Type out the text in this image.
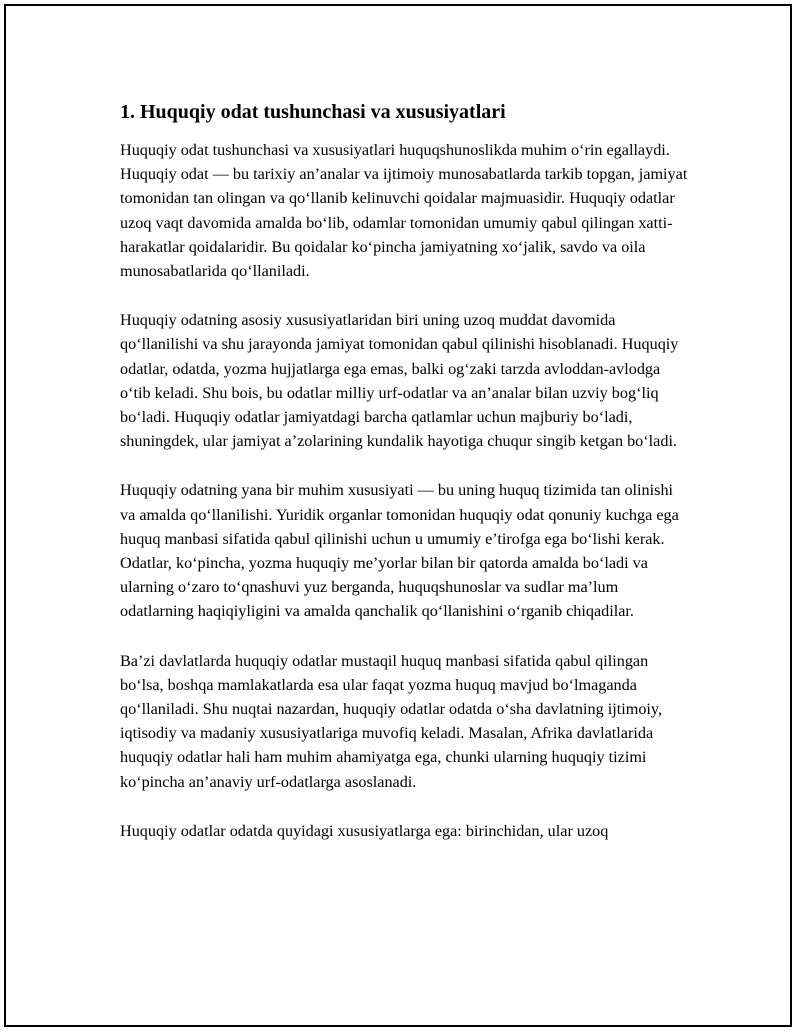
1. Huquqiy odat tushunchasi va xususiyatlari

Huquqiy odat tushunchasi va xususiyatlari huquqshunoslikda muhim o‘rin egallaydi. Huquqiy odat — bu tarixiy an’analar va ijtimoiy munosabatlarda tarkib topgan, jamiyat tomonidan tan olingan va qo‘llanib kelinuvchi qoidalar majmuasidir. Huquqiy odatlar uzoq vaqt davomida amalda bo‘lib, odamlar tomonidan umumiy qabul qilingan xatti-harakatlar qoidalaridir. Bu qoidalar ko‘pincha jamiyatning xo‘jalik, savdo va oila munosabatlarida qo‘llaniladi.

Huquqiy odatning asosiy xususiyatlaridan biri uning uzoq muddat davomida qo‘llanilishi va shu jarayonda jamiyat tomonidan qabul qilinishi hisoblanadi. Huquqiy odatlar, odatda, yozma hujjatlarga ega emas, balki og‘zaki tarzda avloddan-avlodga o‘tib keladi. Shu bois, bu odatlar milliy urf-odatlar va an’analar bilan uzviy bog‘liq bo‘ladi. Huquqiy odatlar jamiyatdagi barcha qatlamlar uchun majburiy bo‘ladi, shuningdek, ular jamiyat a’zolarining kundalik hayotiga chuqur singib ketgan bo‘ladi.

Huquqiy odatning yana bir muhim xususiyati — bu uning huquq tizimida tan olinishi va amalda qo‘llanilishi. Yuridik organlar tomonidan huquqiy odat qonuniy kuchga ega huquq manbasi sifatida qabul qilinishi uchun u umumiy e’tirofga ega bo‘lishi kerak. Odatlar, ko‘pincha, yozma huquqiy me’yorlar bilan bir qatorda amalda bo‘ladi va ularning o‘zaro to‘qnashuvi yuz berganda, huquqshunoslar va sudlar ma’lum odatlarning haqiqiyligini va amalda qanchalik qo‘llanishini o‘rganib chiqadilar.

Ba’zi davlatlarda huquqiy odatlar mustaqil huquq manbasi sifatida qabul qilingan bo‘lsa, boshqa mamlakatlarda esa ular faqat yozma huquq mavjud bo‘lmaganda qo‘llaniladi. Shu nuqtai nazardan, huquqiy odatlar odatda o‘sha davlatning ijtimoiy, iqtisodiy va madaniy xususiyatlariga muvofiq keladi. Masalan, Afrika davlatlarida huquqiy odatlar hali ham muhim ahamiyatga ega, chunki ularning huquqiy tizimi ko‘pincha an’anaviy urf-odatlarga asoslanadi.

Huquqiy odatlar odatda quyidagi xususiyatlarga ega: birinchidan, ular uzoq
